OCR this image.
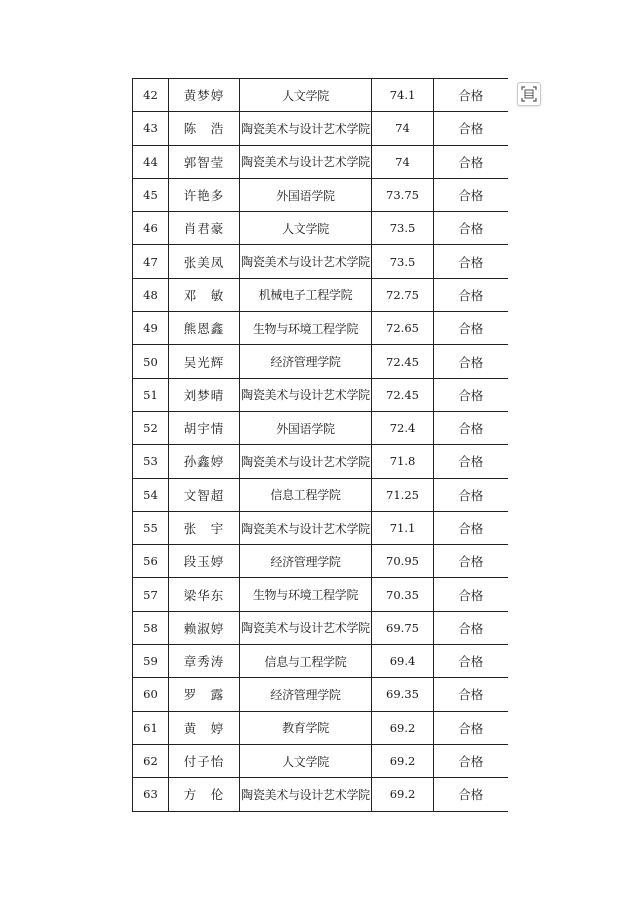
42	黄梦婷	人文学院	74.1	合格
43	陈　浩	陶瓷美术与设计艺术学院	74	合格
44	郭智莹	陶瓷美术与设计艺术学院	74	合格
45	许艳多	外国语学院	73.75	合格
46	肖君豪	人文学院	73.5	合格
47	张美凤	陶瓷美术与设计艺术学院	73.5	合格
48	邓　敏	机械电子工程学院	72.75	合格
49	熊恩鑫	生物与环境工程学院	72.65	合格
50	吴光辉	经济管理学院	72.45	合格
51	刘梦晴	陶瓷美术与设计艺术学院	72.45	合格
52	胡宇情	外国语学院	72.4	合格
53	孙鑫婷	陶瓷美术与设计艺术学院	71.8	合格
54	文智超	信息工程学院	71.25	合格
55	张　宇	陶瓷美术与设计艺术学院	71.1	合格
56	段玉婷	经济管理学院	70.95	合格
57	梁华东	生物与环境工程学院	70.35	合格
58	赖淑婷	陶瓷美术与设计艺术学院	69.75	合格
59	章秀涛	信息与工程学院	69.4	合格
60	罗　露	经济管理学院	69.35	合格
61	黄　婷	教育学院	69.2	合格
62	付子怡	人文学院	69.2	合格
63	方　伦	陶瓷美术与设计艺术学院	69.2	合格
